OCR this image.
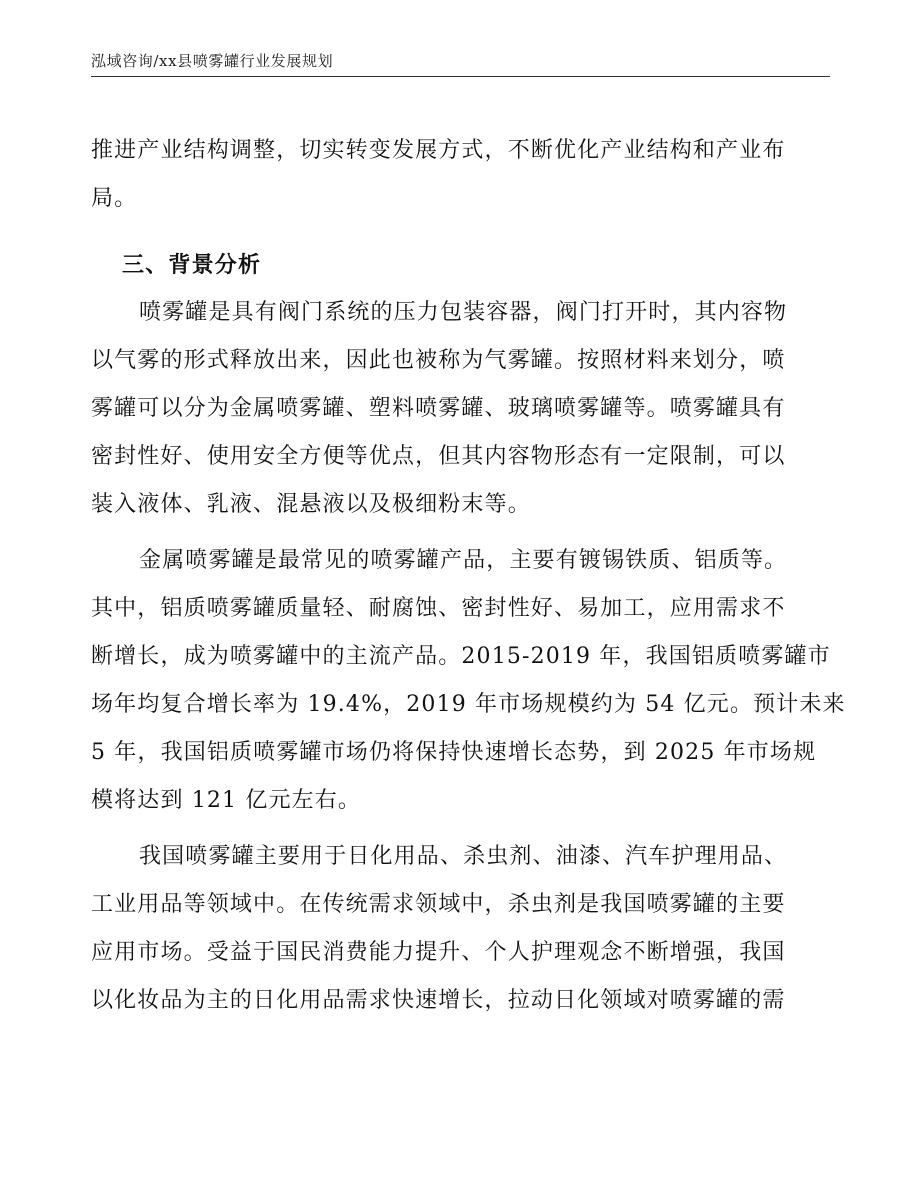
泓域咨询/xx县喷雾罐行业发展规划
推进产业结构调整，切实转变发展方式，不断优化产业结构和产业布
局。
三、背景分析
喷雾罐是具有阀门系统的压力包装容器，阀门打开时，其内容物
以气雾的形式释放出来，因此也被称为气雾罐。按照材料来划分，喷
雾罐可以分为金属喷雾罐、塑料喷雾罐、玻璃喷雾罐等。喷雾罐具有
密封性好、使用安全方便等优点，但其内容物形态有一定限制，可以
装入液体、乳液、混悬液以及极细粉末等。
金属喷雾罐是最常见的喷雾罐产品，主要有镀锡铁质、铝质等。
其中，铝质喷雾罐质量轻、耐腐蚀、密封性好、易加工，应用需求不
断增长，成为喷雾罐中的主流产品。2015-2019 年，我国铝质喷雾罐市
场年均复合增长率为 19.4%，2019 年市场规模约为 54 亿元。预计未来
5 年，我国铝质喷雾罐市场仍将保持快速增长态势，到 2025 年市场规
模将达到 121 亿元左右。
我国喷雾罐主要用于日化用品、杀虫剂、油漆、汽车护理用品、
工业用品等领域中。在传统需求领域中，杀虫剂是我国喷雾罐的主要
应用市场。受益于国民消费能力提升、个人护理观念不断增强，我国
以化妆品为主的日化用品需求快速增长，拉动日化领域对喷雾罐的需
